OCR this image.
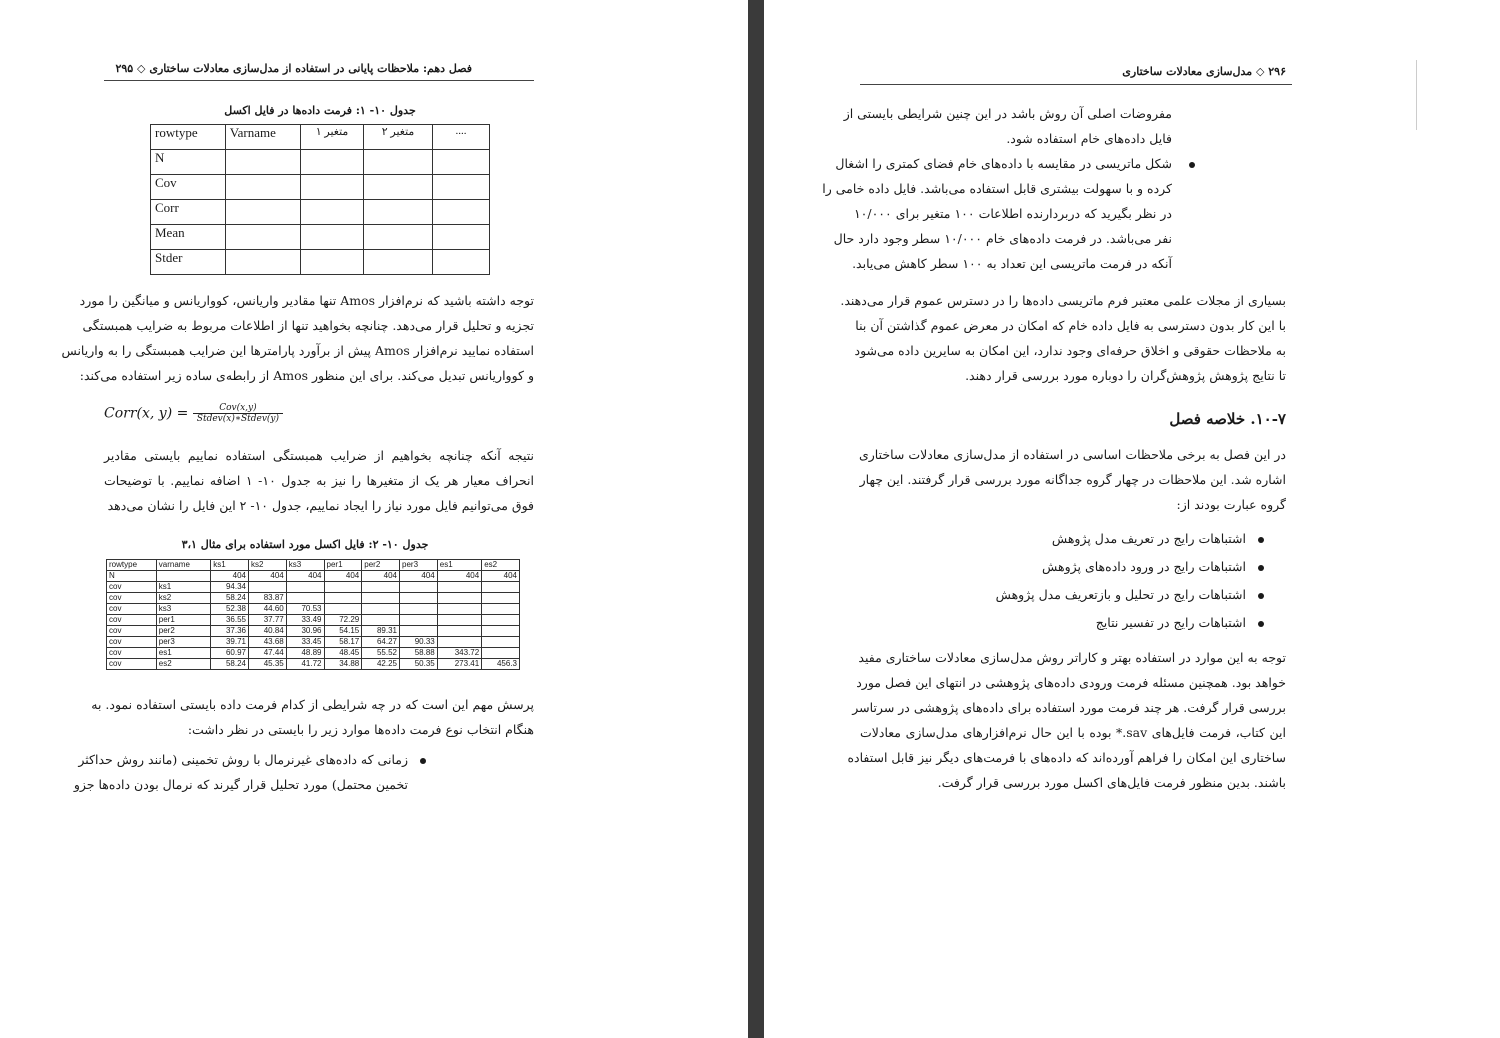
فصل دهم: ملاحظات پایانی در استفاده از مدل‌سازی معادلات ساختاری ◇ ۲۹۵
جدول ۱۰- ۱: فرمت داده‌ها در فایل اکسل
rowtype	Varname	متغیر ۱	متغیر ۲	....
N				
Cov				
Corr				
Mean				
Stder				
توجه داشته باشید که نرم‌افزار Amos تنها مقادیر واریانس، کوواریانس و میانگین را مورد
تجزیه و تحلیل قرار می‌دهد. چنانچه بخواهید تنها از اطلاعات مربوط به ضرایب همبستگی
استفاده نمایید نرم‌افزار Amos پیش از برآورد پارامترها این ضرایب همبستگی را به واریانس
و کوواریانس تبدیل می‌کند. برای این منظور Amos از رابطه‌ی ساده زیر استفاده می‌کند:
Corr(x, $y) = \frac{\text{Cov(x,y)}}{\text{Stdev(x)∗Stdev(y)}}$
نتیجه آنکه چنانچه بخواهیم از ضرایب همبستگی استفاده نماییم بایستی مقادیر
انحراف معیار هر یک از متغیرها را نیز به جدول ۱۰- ۱ اضافه نماییم. با توضیحات
فوق می‌توانیم فایل مورد نیاز را ایجاد نماییم، جدول ۱۰- ۲ این فایل را نشان می‌دهد
جدول ۱۰- ۲: فایل اکسل مورد استفاده برای مثال ۳،۱
rowtype	varname	ks1	ks2	ks3	per1	per2	per3	es1	es2
N		404	404	404	404	404	404	404	404
cov	ks1	94.34							
cov	ks2	58.24	83.87						
cov	ks3	52.38	44.60	70.53					
cov	per1	36.55	37.77	33.49	72.29				
cov	per2	37.36	40.84	30.96	54.15	89.31			
cov	per3	39.71	43.68	33.45	58.17	64.27	90.33		
cov	es1	60.97	47.44	48.89	48.45	55.52	58.88	343.72	
cov	es2	58.24	45.35	41.72	34.88	42.25	50.35	273.41	456.3
پرسش مهم این است که در چه شرایطی از کدام فرمت داده بایستی استفاده نمود. به
هنگام انتخاب نوع فرمت داده‌ها موارد زیر را بایستی در نظر داشت:
زمانی که داده‌های غیرنرمال با روش تخمینی (مانند روش حداکثر
تخمین محتمل) مورد تحلیل قرار گیرند که نرمال بودن داده‌ها جزو
۲۹۶ ◇ مدل‌سازی معادلات ساختاری
مفروضات اصلی آن روش باشد در این چنین شرایطی بایستی از
فایل داده‌های خام استفاده شود.
شکل ماتریسی در مقایسه با داده‌های خام فضای کمتری را اشغال
کرده و با سهولت بیشتری قابل استفاده می‌باشد. فایل داده خامی را
در نظر بگیرید که دربردارنده اطلاعات ۱۰۰ متغیر برای ۱۰/۰۰۰
نفر می‌باشد. در فرمت داده‌های خام ۱۰/۰۰۰ سطر وجود دارد حال
آنکه در فرمت ماتریسی این تعداد به ۱۰۰ سطر کاهش می‌یابد.
بسیاری از مجلات علمی معتبر فرم ماتریسی داده‌ها را در دسترس عموم قرار می‌دهند.
با این کار بدون دسترسی به فایل داده خام که امکان در معرض عموم گذاشتن آن بنا
به ملاحظات حقوقی و اخلاق حرفه‌ای وجود ندارد، این امکان به سایرین داده می‌شود
تا نتایج پژوهش پژوهش‌گران را دوباره مورد بررسی قرار دهند.
۱۰-۷. خلاصه فصل
در این فصل به برخی ملاحظات اساسی در استفاده از مدل‌سازی معادلات ساختاری
اشاره شد. این ملاحظات در چهار گروه جداگانه مورد بررسی قرار گرفتند. این چهار
گروه عبارت بودند از:
اشتباهات رایج در تعریف مدل پژوهش
اشتباهات رایج در ورود داده‌های پژوهش
اشتباهات رایج در تحلیل و بازتعریف مدل پژوهش
اشتباهات رایج در تفسیر نتایج
توجه به این موارد در استفاده بهتر و کاراتر روش مدل‌سازی معادلات ساختاری مفید
خواهد بود. همچنین مسئله فرمت ورودی داده‌های پژوهشی در انتهای این فصل مورد
بررسی قرار گرفت. هر چند فرمت مورد استفاده برای داده‌های پژوهشی در سرتاسر
این کتاب، فرمت فایل‌های sav.* بوده با این حال نرم‌افزارهای مدل‌سازی معادلات
ساختاری این امکان را فراهم آورده‌اند که داده‌های با فرمت‌های دیگر نیز قابل استفاده
باشند. بدین منظور فرمت فایل‌های اکسل مورد بررسی قرار گرفت.
